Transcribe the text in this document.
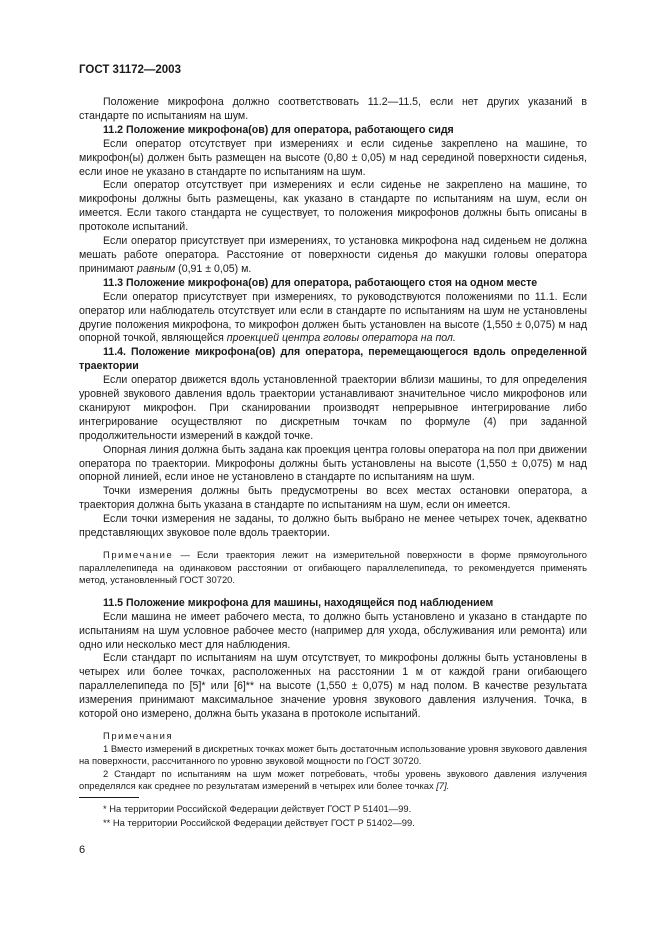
ГОСТ 31172—2003

Положение микрофона должно соответствовать 11.2—11.5, если нет других указаний в стандарте по испытаниям на шум.

11.2 Положение микрофона(ов) для оператора, работающего сидя

Если оператор отсутствует при измерениях и если сиденье закреплено на машине, то микрофон(ы) должен быть размещен на высоте (0,80 ± 0,05) м над серединой поверхности сиденья, если иное не указано в стандарте по испытаниям на шум.

Если оператор отсутствует при измерениях и если сиденье не закреплено на машине, то микрофоны должны быть размещены, как указано в стандарте по испытаниям на шум, если он имеется. Если такого стандарта не существует, то положения микрофонов должны быть описаны в протоколе испытаний.

Если оператор присутствует при измерениях, то установка микрофона над сиденьем не должна мешать работе оператора. Расстояние от поверхности сиденья до макушки головы оператора принимают равным (0,91 ± 0,05) м.

11.3 Положение микрофона(ов) для оператора, работающего стоя на одном месте

Если оператор присутствует при измерениях, то руководствуются положениями по 11.1. Если оператор или наблюдатель отсутствует или если в стандарте по испытаниям на шум не установлены другие положения микрофона, то микрофон должен быть установлен на высоте (1,550 ± 0,075) м над опорной точкой, являющейся проекцией центра головы оператора на пол.

11.4. Положение микрофона(ов) для оператора, перемещающегося вдоль определенной траектории

Если оператор движется вдоль установленной траектории вблизи машины, то для определения уровней звукового давления вдоль траектории устанавливают значительное число микрофонов или сканируют микрофон. При сканировании производят непрерывное интегрирование либо интегрирование осуществляют по дискретным точкам по формуле (4) при заданной продолжительности измерений в каждой точке.

Опорная линия должна быть задана как проекция центра головы оператора на пол при движении оператора по траектории. Микрофоны должны быть установлены на высоте (1,550 ± 0,075) м над опорной линией, если иное не установлено в стандарте по испытаниям на шум.

Точки измерения должны быть предусмотрены во всех местах остановки оператора, а траектория должна быть указана в стандарте по испытаниям на шум, если он имеется.

Если точки измерения не заданы, то должно быть выбрано не менее четырех точек, адекватно представляющих звуковое поле вдоль траектории.

Примечание — Если траектория лежит на измерительной поверхности в форме прямоугольного параллелепипеда на одинаковом расстоянии от огибающего параллелепипеда, то рекомендуется применять метод, установленный ГОСТ 30720.

11.5 Положение микрофона для машины, находящейся под наблюдением

Если машина не имеет рабочего места, то должно быть установлено и указано в стандарте по испытаниям на шум условное рабочее место (например для ухода, обслуживания или ремонта) или одно или несколько мест для наблюдения.

Если стандарт по испытаниям на шум отсутствует, то микрофоны должны быть установлены в четырех или более точках, расположенных на расстоянии 1 м от каждой грани огибающего параллелепипеда по [5]* или [6]** на высоте (1,550 ± 0,075) м над полом. В качестве результата измерения принимают максимальное значение уровня звукового давления излучения. Точка, в которой оно измерено, должна быть указана в протоколе испытаний.

Примечания

1 Вместо измерений в дискретных точках может быть достаточным использование уровня звукового давления на поверхности, рассчитанного по уровню звуковой мощности по ГОСТ 30720.

2 Стандарт по испытаниям на шум может потребовать, чтобы уровень звукового давления излучения определялся как среднее по результатам измерений в четырех или более точках [7].

* На территории Российской Федерации действует ГОСТ Р 51401—99.
** На территории Российской Федерации действует ГОСТ Р 51402—99.
6
